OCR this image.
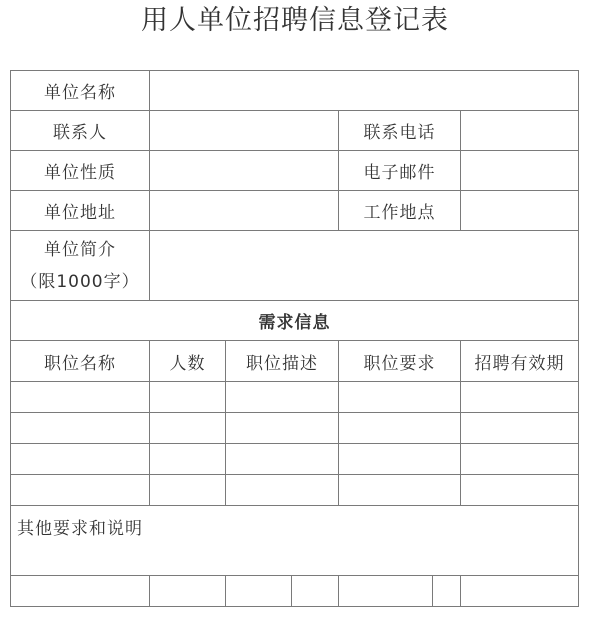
用人单位招聘信息登记表
单位名称						
联系人				联系电话		
单位性质				电子邮件		
单位地址				工作地点		

单位简介
（限1000字）						

需求信息						
职位名称	人数	职位描述		职位要求		招聘有效期

其他要求和说明						
